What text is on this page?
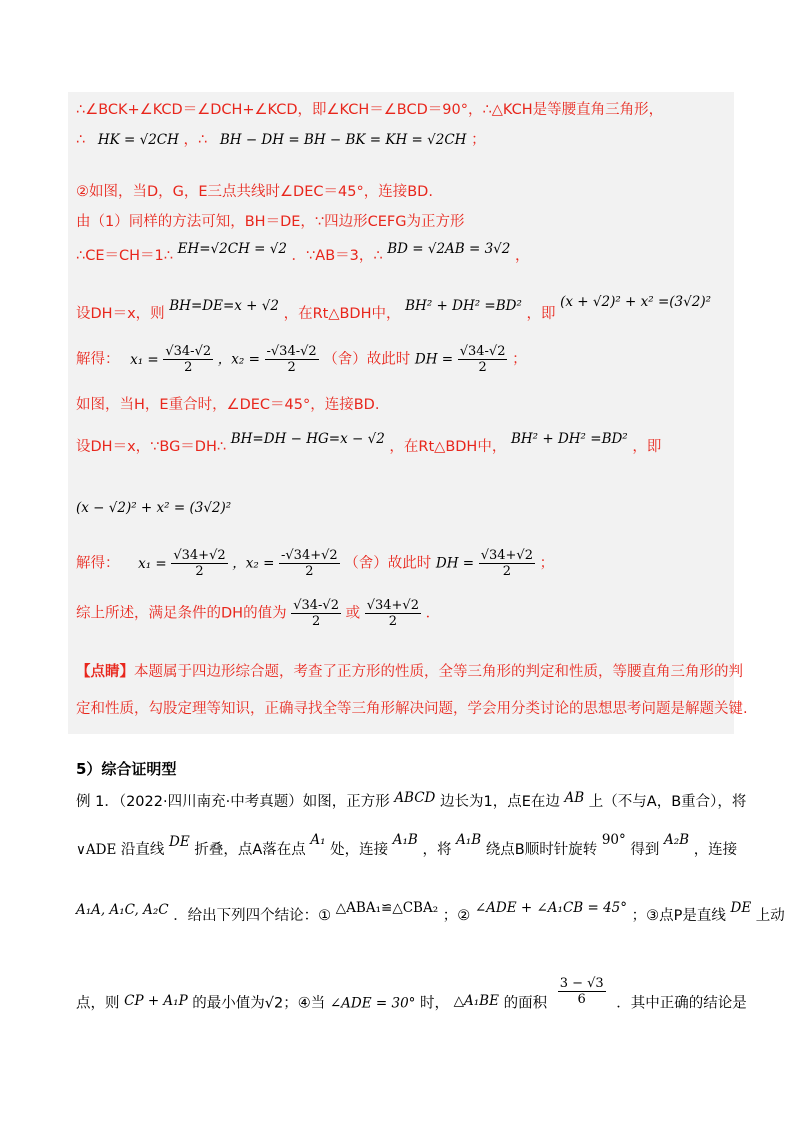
∴∠BCK+∠KCD＝∠DCH+∠KCD，即∠KCH＝∠BCD＝90°，∴△KCH是等腰直角三角形，
∴ HK = √2CH ，∴ BH − DH = BH − BK = KH = √2CH ；
②如图，当D，G，E三点共线时∠DEC＝45°，连接BD.
由（1）同样的方法可知，BH＝DE，∵四边形CEFG为正方形
∴CE＝CH＝1∴ EH=√2CH = √2 ．∵AB＝3，∴ BD = √2AB = 3√2 ，
设DH＝x，则 BH=DE=x + √2 ，在Rt△BDH中， BH² + DH² =BD² ，即 (x + √2)² + x² =(3√2)²
解得： $x_1 = \frac{√34-√2}{2}$ ，$x_2 = \frac{-√34-√2}{2}$ （舍）故此时 DH = $\frac{√34-√2}{2}$ ；
如图，当H，E重合时，∠DEC＝45°，连接BD.
设DH＝x，∵BG＝DH∴ BH=DH − HG=x − √2 ，在Rt△BDH中， BH² + DH² =BD² ，即
(x − √2)² + x² = (3√2)²
解得： $x_1 = \frac{√34+√2}{2}$ ，$x_2 = \frac{-√34+√2}{2}$ （舍）故此时 DH = $\frac{√34+√2}{2}$ ；
综上所述，满足条件的DH的值为 $\frac{√34-√2}{2}$ 或 $\frac{√34+√2}{2}$ ．
【点睛】本题属于四边形综合题，考查了正方形的性质，全等三角形的判定和性质，等腰直角三角形的判
定和性质，勾股定理等知识，正确寻找全等三角形解决问题，学会用分类讨论的思想思考问题是解题关键.
5）综合证明型
例 1．（2022·四川南充·中考真题）如图，正方形 ABCD 边长为1，点E在边 AB 上（不与A，B重合），将
∨ADE 沿直线 DE 折叠，点A落在点 A₁ 处，连接 A₁B ，将 A₁B 绕点B顺时针旋转 90° 得到 A₂B ，连接
A₁A, A₁C, A₂C ．给出下列四个结论：① △ABA₁≌△CBA₂ ；② ∠ADE + ∠A₁CB = 45° ；③点P是直线 DE 上动
点，则 CP + A₁P 的最小值为√2；④当 ∠ADE = 30° 时， △A₁BE 的面积 $\frac{3 - √3}{6}$ ．其中正确的结论是
